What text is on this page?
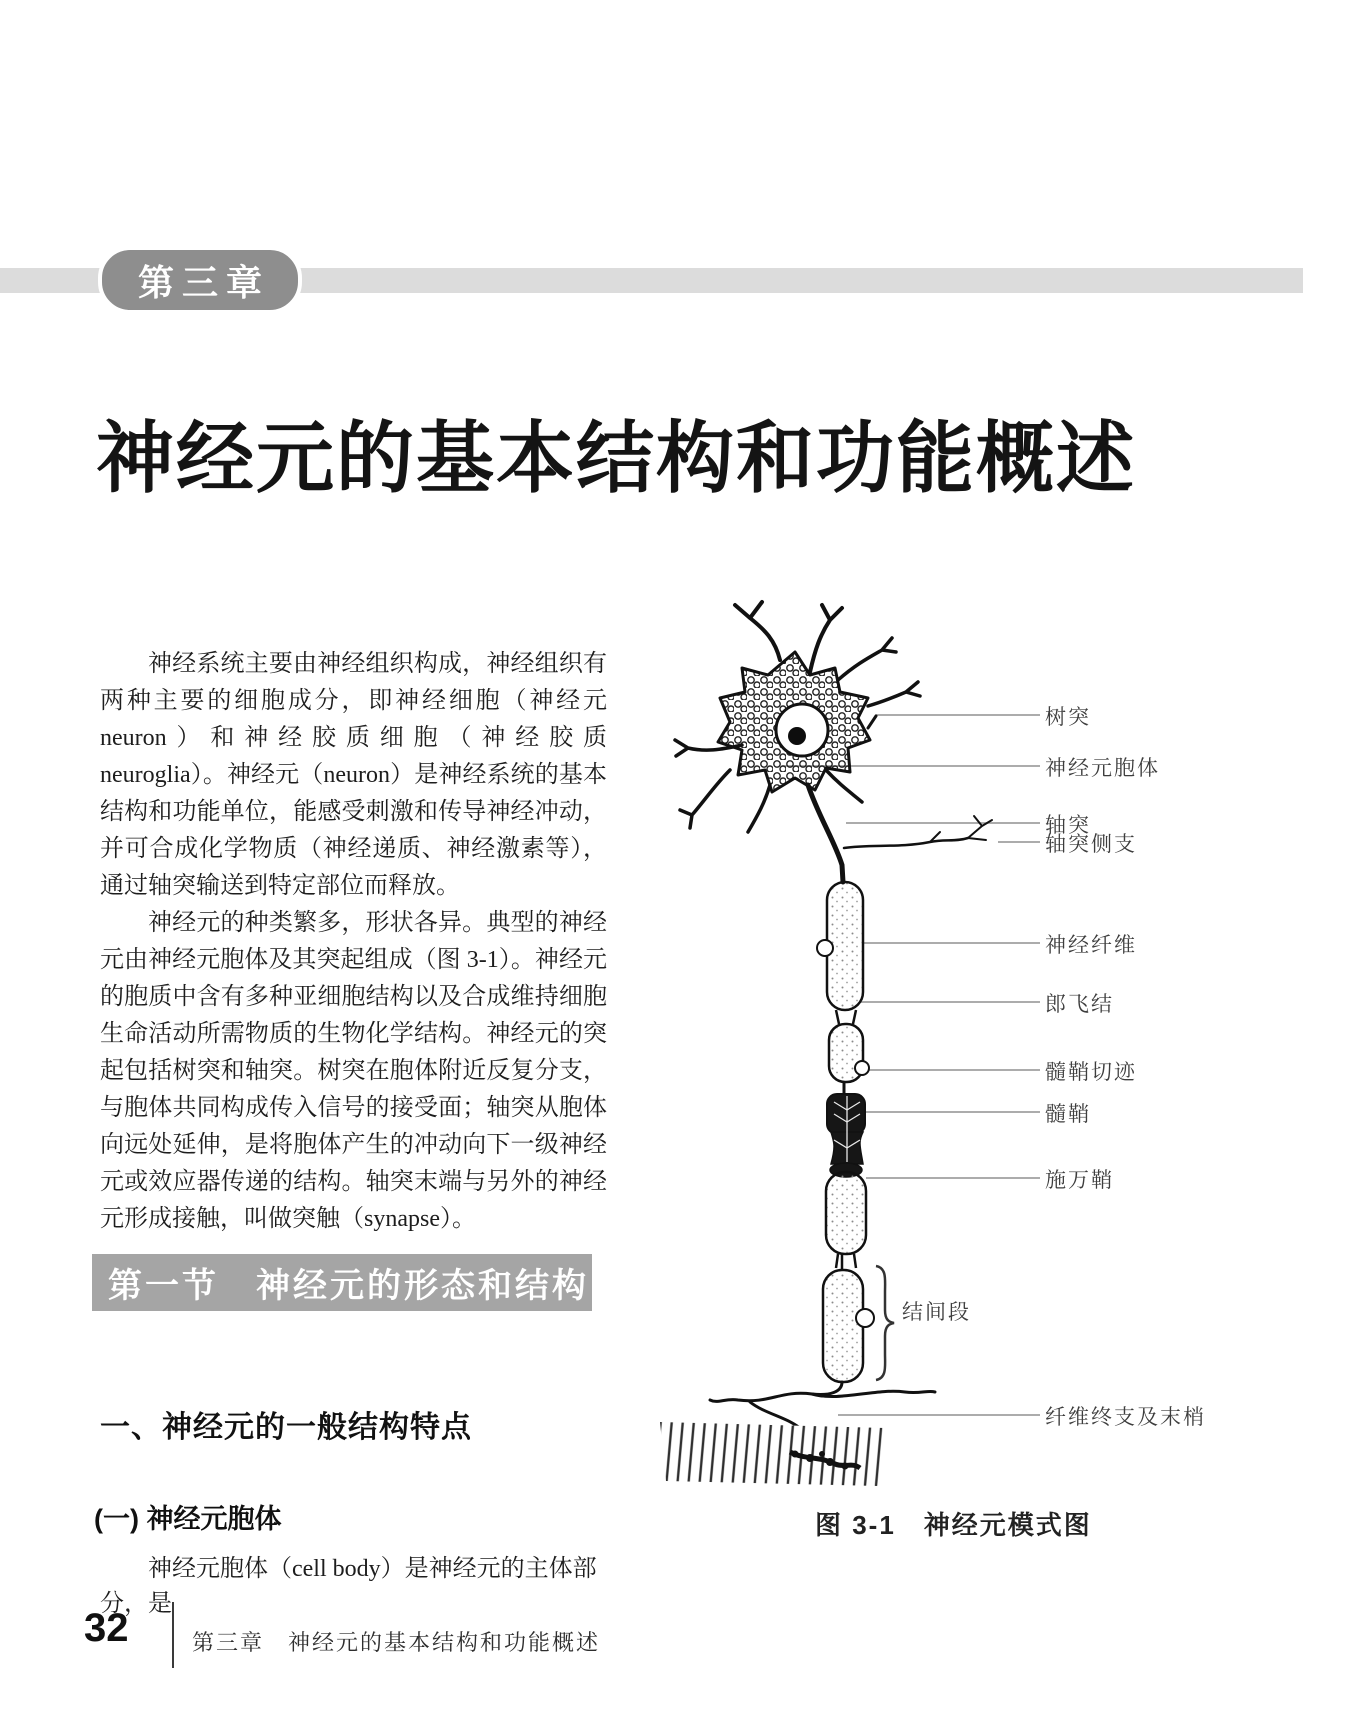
第三章
神经元的基本结构和功能概述

神经系统主要由神经组织构成，神经组织有两种主要的细胞成分，即神经细胞（神经元 neuron）和神经胶质细胞（神经胶质 neuroglia）。神经元（neuron）是神经系统的基本结构和功能单位，能感受刺激和传导神经冲动，并可合成化学物质（神经递质、神经激素等），通过轴突输送到特定部位而释放。

神经元的种类繁多，形状各异。典型的神经元由神经元胞体及其突起组成（图 3-1）。神经元的胞质中含有多种亚细胞结构以及合成维持细胞生命活动所需物质的生物化学结构。神经元的突起包括树突和轴突。树突在胞体附近反复分支，与胞体共同构成传入信号的接受面；轴突从胞体向远处延伸，是将胞体产生的冲动向下一级神经元或效应器传递的结构。轴突末端与另外的神经元形成接触，叫做突触（synapse）。

第一节　神经元的形态和结构
一、神经元的一般结构特点
(一) 神经元胞体
神经元胞体（cell body）是神经元的主体部分，是
树突
神经元胞体
轴突
轴突侧支
神经纤维
郎飞结
髓鞘切迹
髓鞘
施万鞘
结间段
纤维终支及末梢
图 3-1　神经元模式图
32	第三章　神经元的基本结构和功能概述
